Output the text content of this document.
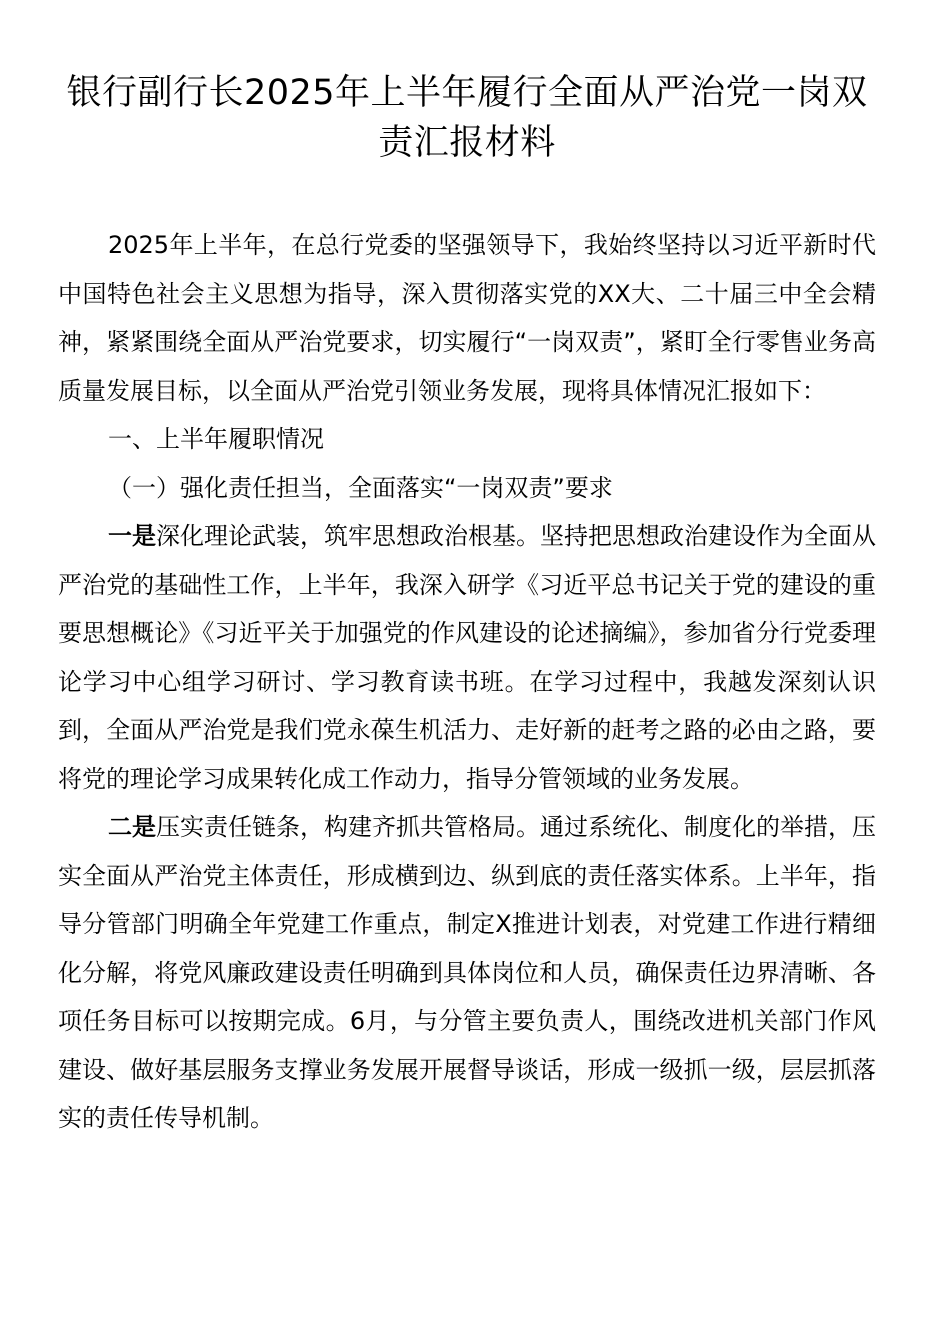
银行副行长2025年上半年履行全面从严治党一岗双责汇报材料

2025年上半年，在总行党委的坚强领导下，我始终坚持以习近平新时代中国特色社会主义思想为指导，深入贯彻落实党的XX大、二十届三中全会精神，紧紧围绕全面从严治党要求，切实履行“一岗双责”，紧盯全行零售业务高质量发展目标，以全面从严治党引领业务发展，现将具体情况汇报如下：

一、上半年履职情况

（一）强化责任担当，全面落实“一岗双责”要求

一是深化理论武装，筑牢思想政治根基。坚持把思想政治建设作为全面从严治党的基础性工作，上半年，我深入研学《习近平总书记关于党的建设的重要思想概论》《习近平关于加强党的作风建设的论述摘编》，参加省分行党委理论学习中心组学习研讨、学习教育读书班。在学习过程中，我越发深刻认识到，全面从严治党是我们党永葆生机活力、走好新的赶考之路的必由之路，要将党的理论学习成果转化成工作动力，指导分管领域的业务发展。

二是压实责任链条，构建齐抓共管格局。通过系统化、制度化的举措，压实全面从严治党主体责任，形成横到边、纵到底的责任落实体系。上半年，指导分管部门明确全年党建工作重点，制定X推进计划表，对党建工作进行精细化分解，将党风廉政建设责任明确到具体岗位和人员，确保责任边界清晰、各项任务目标可以按期完成。6月，与分管主要负责人，围绕改进机关部门作风建设、做好基层服务支撑业务发展开展督导谈话，形成一级抓一级，层层抓落实的责任传导机制。
